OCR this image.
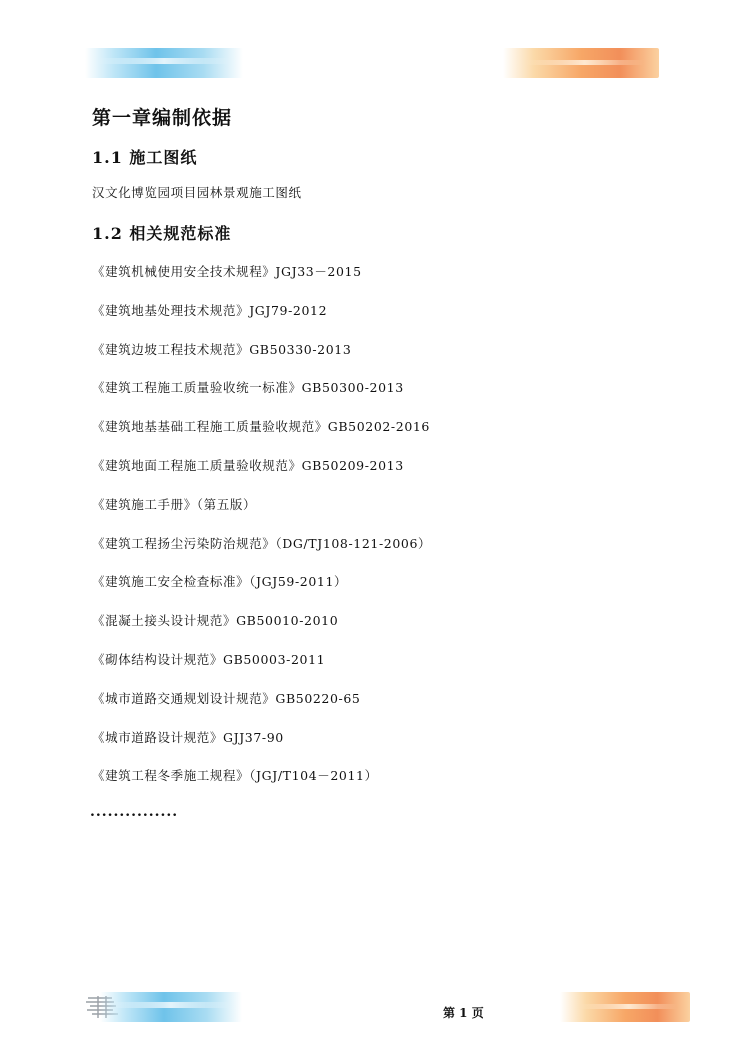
第一章编制依据
1.1 施工图纸

汉文化博览园项目园林景观施工图纸

1.2 相关规范标准
《建筑机械使用安全技术规程》JGJ33－2015
《建筑地基处理技术规范》JGJ79-2012
《建筑边坡工程技术规范》GB50330-2013
《建筑工程施工质量验收统一标准》GB50300-2013
《建筑地基基础工程施工质量验收规范》GB50202-2016
《建筑地面工程施工质量验收规范》GB50209-2013
《建筑施工手册》（第五版）
《建筑工程扬尘污染防治规范》（DG/TJ108-121-2006）
《建筑施工安全检查标准》（JGJ59-2011）
《混凝土接头设计规范》GB50010-2010
《砌体结构设计规范》GB50003-2011
《城市道路交通规划设计规范》GB50220-65
《城市道路设计规范》GJJ37-90
《建筑工程冬季施工规程》（JGJ/T104－2011）
...............
第 1 页
